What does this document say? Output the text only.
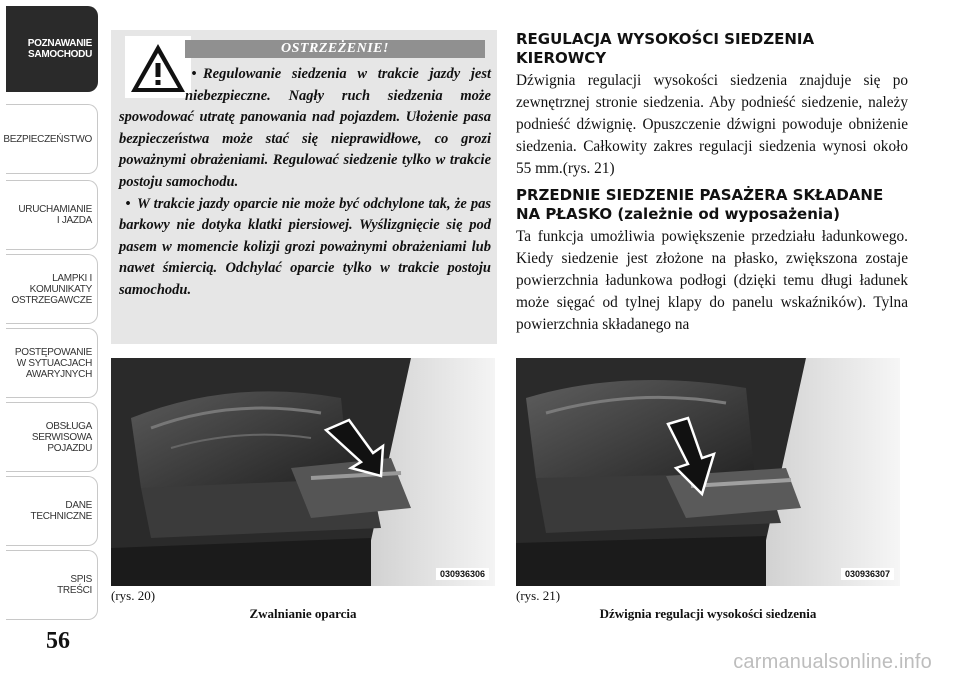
POZNAWANIE
SAMOCHODU
BEZPIECZEŃSTWO
URUCHAMIANIE
I JAZDA
LAMPKI I
KOMUNIKATY
OSTRZEGAWCZE
POSTĘPOWANIE
W SYTUACJACH
AWARYJNYCH
OBSŁUGA
SERWISOWA
POJAZDU
DANE
TECHNICZNE
SPIS
TREŚCI
56
OSTRZEŻENIE!

• Regulowanie siedzenia w trakcie jazdy jest niebezpieczne. Nagły ruch siedzenia może spowodować utratę panowania nad pojazdem. Ułożenie pasa bezpieczeństwa może stać się nieprawidłowe, co grozi poważnymi obrażeniami. Regulować siedzenie tylko w trakcie postoju samochodu.

• W trakcie jazdy oparcie nie może być odchylone tak, że pas barkowy nie dotyka klatki piersiowej. Wyślizgnięcie się pod pasem w momencie kolizji grozi poważnymi obrażeniami lub nawet śmiercią. Odchylać oparcie tylko w trakcie postoju samochodu.

REGULACJA WYSOKOŚCI SIEDZENIA KIEROWCY
Dźwignia regulacji wysokości siedzenia znajduje się po zewnętrznej stronie siedzenia. Aby podnieść siedzenie, należy podnieść dźwignię. Opuszczenie dźwigni powoduje obniżenie siedzenia. Całkowity zakres regulacji siedzenia wynosi około 55 mm.(rys. 21)
PRZEDNIE SIEDZENIE PASAŻERA SKŁADANE NA PŁASKO (zależnie od wyposażenia)
Ta funkcja umożliwia powiększenie przedziału ładunkowego. Kiedy siedzenie jest złożone na płasko, zwiększona zostaje powierzchnia ładunkowa podłogi (dzięki temu długi ładunek może sięgać od tylnej klapy do panelu wskaźników). Tylna powierzchnia składanego na
030936306
(rys. 20)
Zwalnianie oparcia
030936307
(rys. 21)
Dźwignia regulacji wysokości siedzenia
carmanualsonline.info
